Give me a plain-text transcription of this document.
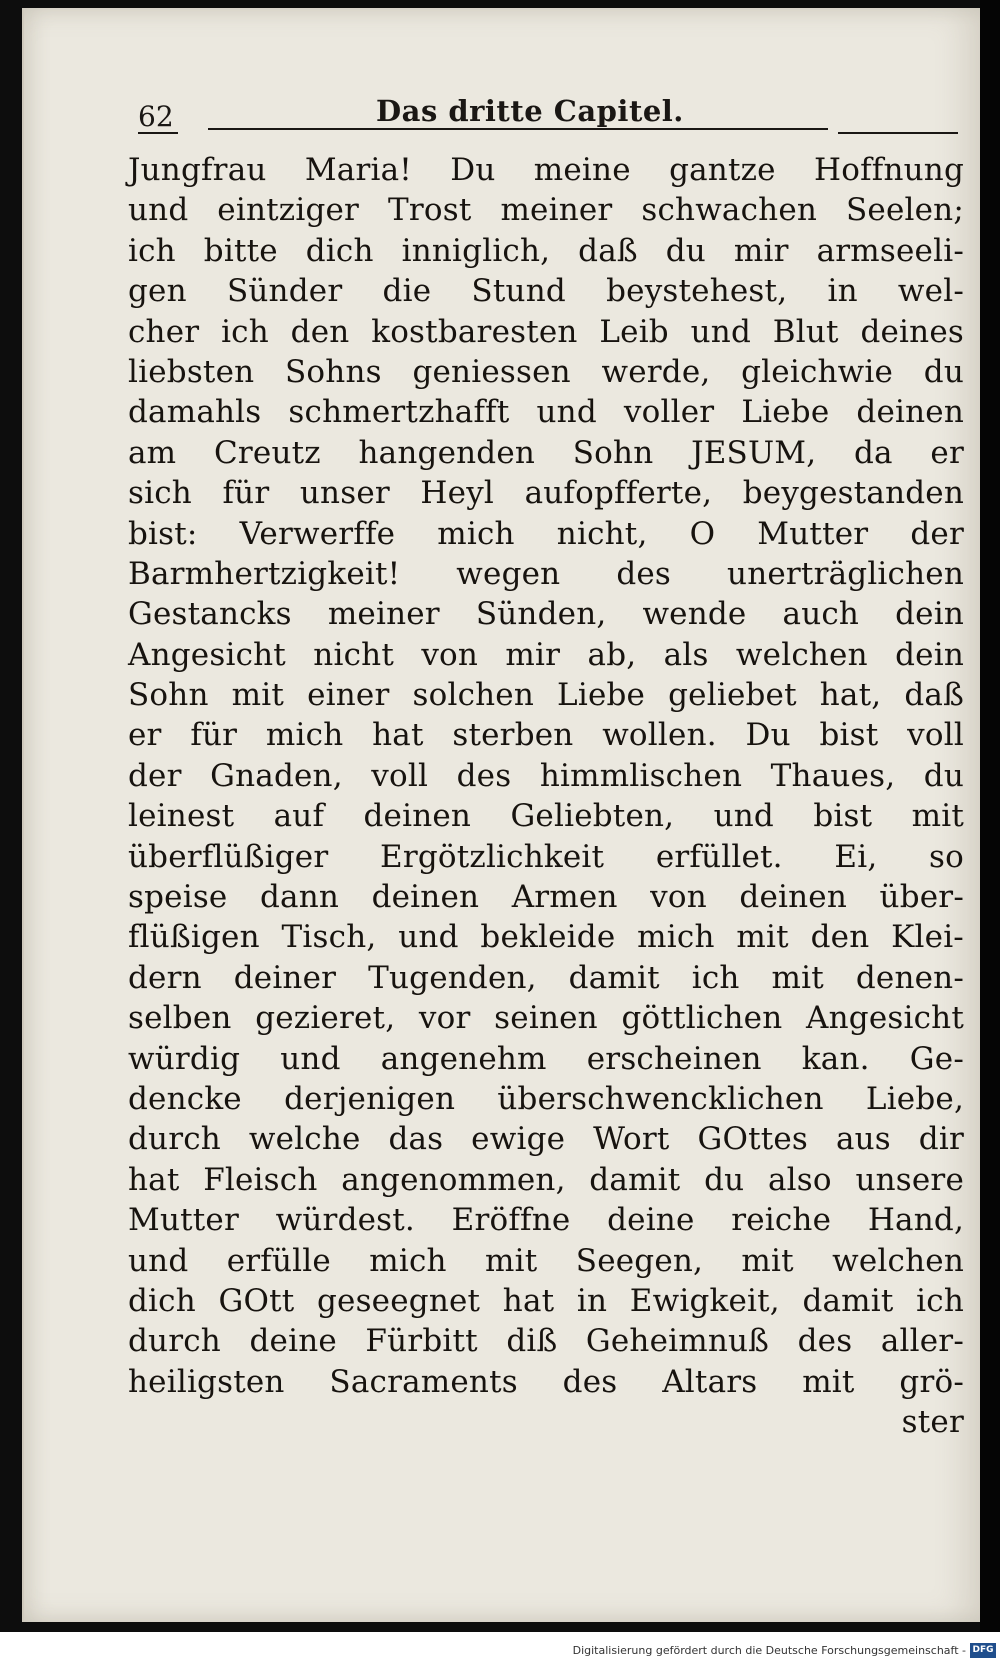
62	Das dritte Capitel.
Jungfrau Maria! Du meine gantze Hoffnung
und eintziger Trost meiner schwachen Seelen;
ich bitte dich inniglich, daß du mir armseeli-
gen Sünder die Stund beystehest, in wel-
cher ich den kostbaresten Leib und Blut deines
liebsten Sohns geniessen werde, gleichwie du
damahls schmertzhafft und voller Liebe deinen
am Creutz hangenden Sohn JESUM, da er
sich für unser Heyl aufopfferte, beygestanden
bist: Verwerffe mich nicht, O Mutter der
Barmhertzigkeit! wegen des unerträglichen
Gestancks meiner Sünden, wende auch dein
Angesicht nicht von mir ab, als welchen dein
Sohn mit einer solchen Liebe geliebet hat, daß
er für mich hat sterben wollen. Du bist voll
der Gnaden, voll des himmlischen Thaues, du
leinest auf deinen Geliebten, und bist mit
überflüßiger Ergötzlichkeit erfüllet. Ei, so
speise dann deinen Armen von deinen über-
flüßigen Tisch, und bekleide mich mit den Klei-
dern deiner Tugenden, damit ich mit denen-
selben gezieret, vor seinen göttlichen Angesicht
würdig und angenehm erscheinen kan. Ge-
dencke derjenigen überschwencklichen Liebe,
durch welche das ewige Wort GOttes aus dir
hat Fleisch angenommen, damit du also unsere
Mutter würdest. Eröffne deine reiche Hand,
und erfülle mich mit Seegen, mit welchen
dich GOtt geseegnet hat in Ewigkeit, damit ich
durch deine Fürbitt diß Geheimnuß des aller-
heiligsten Sacraments des Altars mit grö-
ster
Digitalisierung gefördert durch die Deutsche Forschungsgemeinschaft - DFG
